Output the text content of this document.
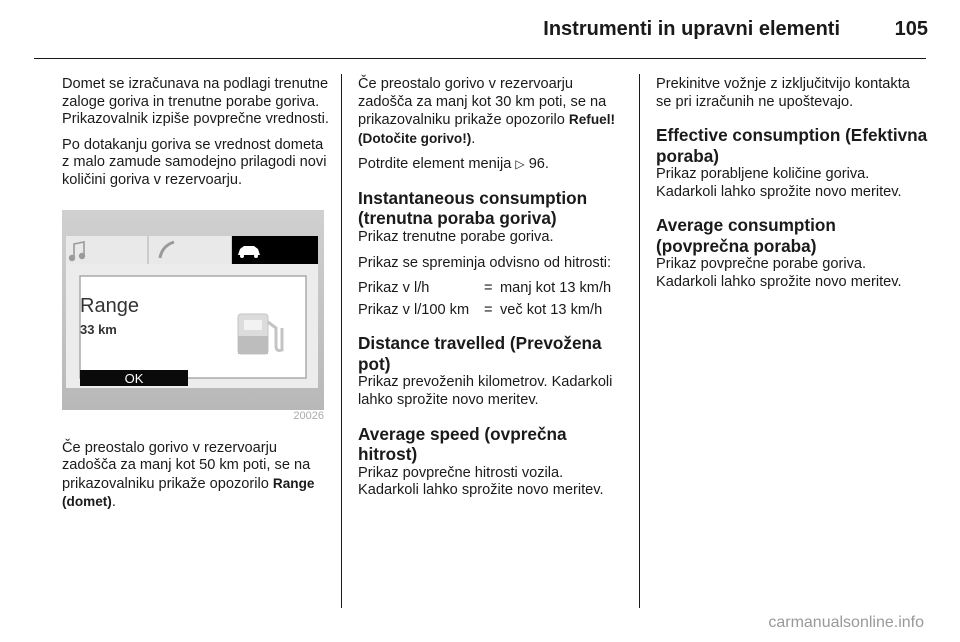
Instrumenti in upravni elementi	105

Domet se izračunava na podlagi trenutne zaloge goriva in trenutne porabe goriva. Prikazovalnik izpiše povprečne vrednosti.

Po dotakanju goriva se vrednost dometa z malo zamude samodejno prilagodi novi količini goriva v rezervoarju.

Range
33 km
OK
20026

Če preostalo gorivo v rezervoarju zadošča za manj kot 50 km poti, se na prikazovalniku prikaže opozorilo Range (domet).

Če preostalo gorivo v rezervoarju zadošča za manj kot 30 km poti, se na prikazovalniku prikaže opozorilo Refuel! (Dotočite gorivo!).

Potrdite element menija ▷ 96.

Instantaneous consumption (trenutna poraba goriva)

Prikaz trenutne porabe goriva.

Prikaz se spreminja odvisno od hitrosti:

Prikaz v l/h	=	manj kot 13 km/h
Prikaz v l/100 km	=	več kot 13 km/h
Distance travelled (Prevožena pot)

Prikaz prevoženih kilometrov. Kadarkoli lahko sprožite novo meritev.

Average speed (ovprečna hitrost)

Prikaz povprečne hitrosti vozila. Kadarkoli lahko sprožite novo meritev.

Prekinitve vožnje z izključitvijo kontakta se pri izračunih ne upoštevajo.

Effective consumption (Efektivna poraba)

Prikaz porabljene količine goriva. Kadarkoli lahko sprožite novo meritev.

Average consumption (povprečna poraba)

Prikaz povprečne porabe goriva. Kadarkoli lahko sprožite novo meritev.

carmanualsonline.info
